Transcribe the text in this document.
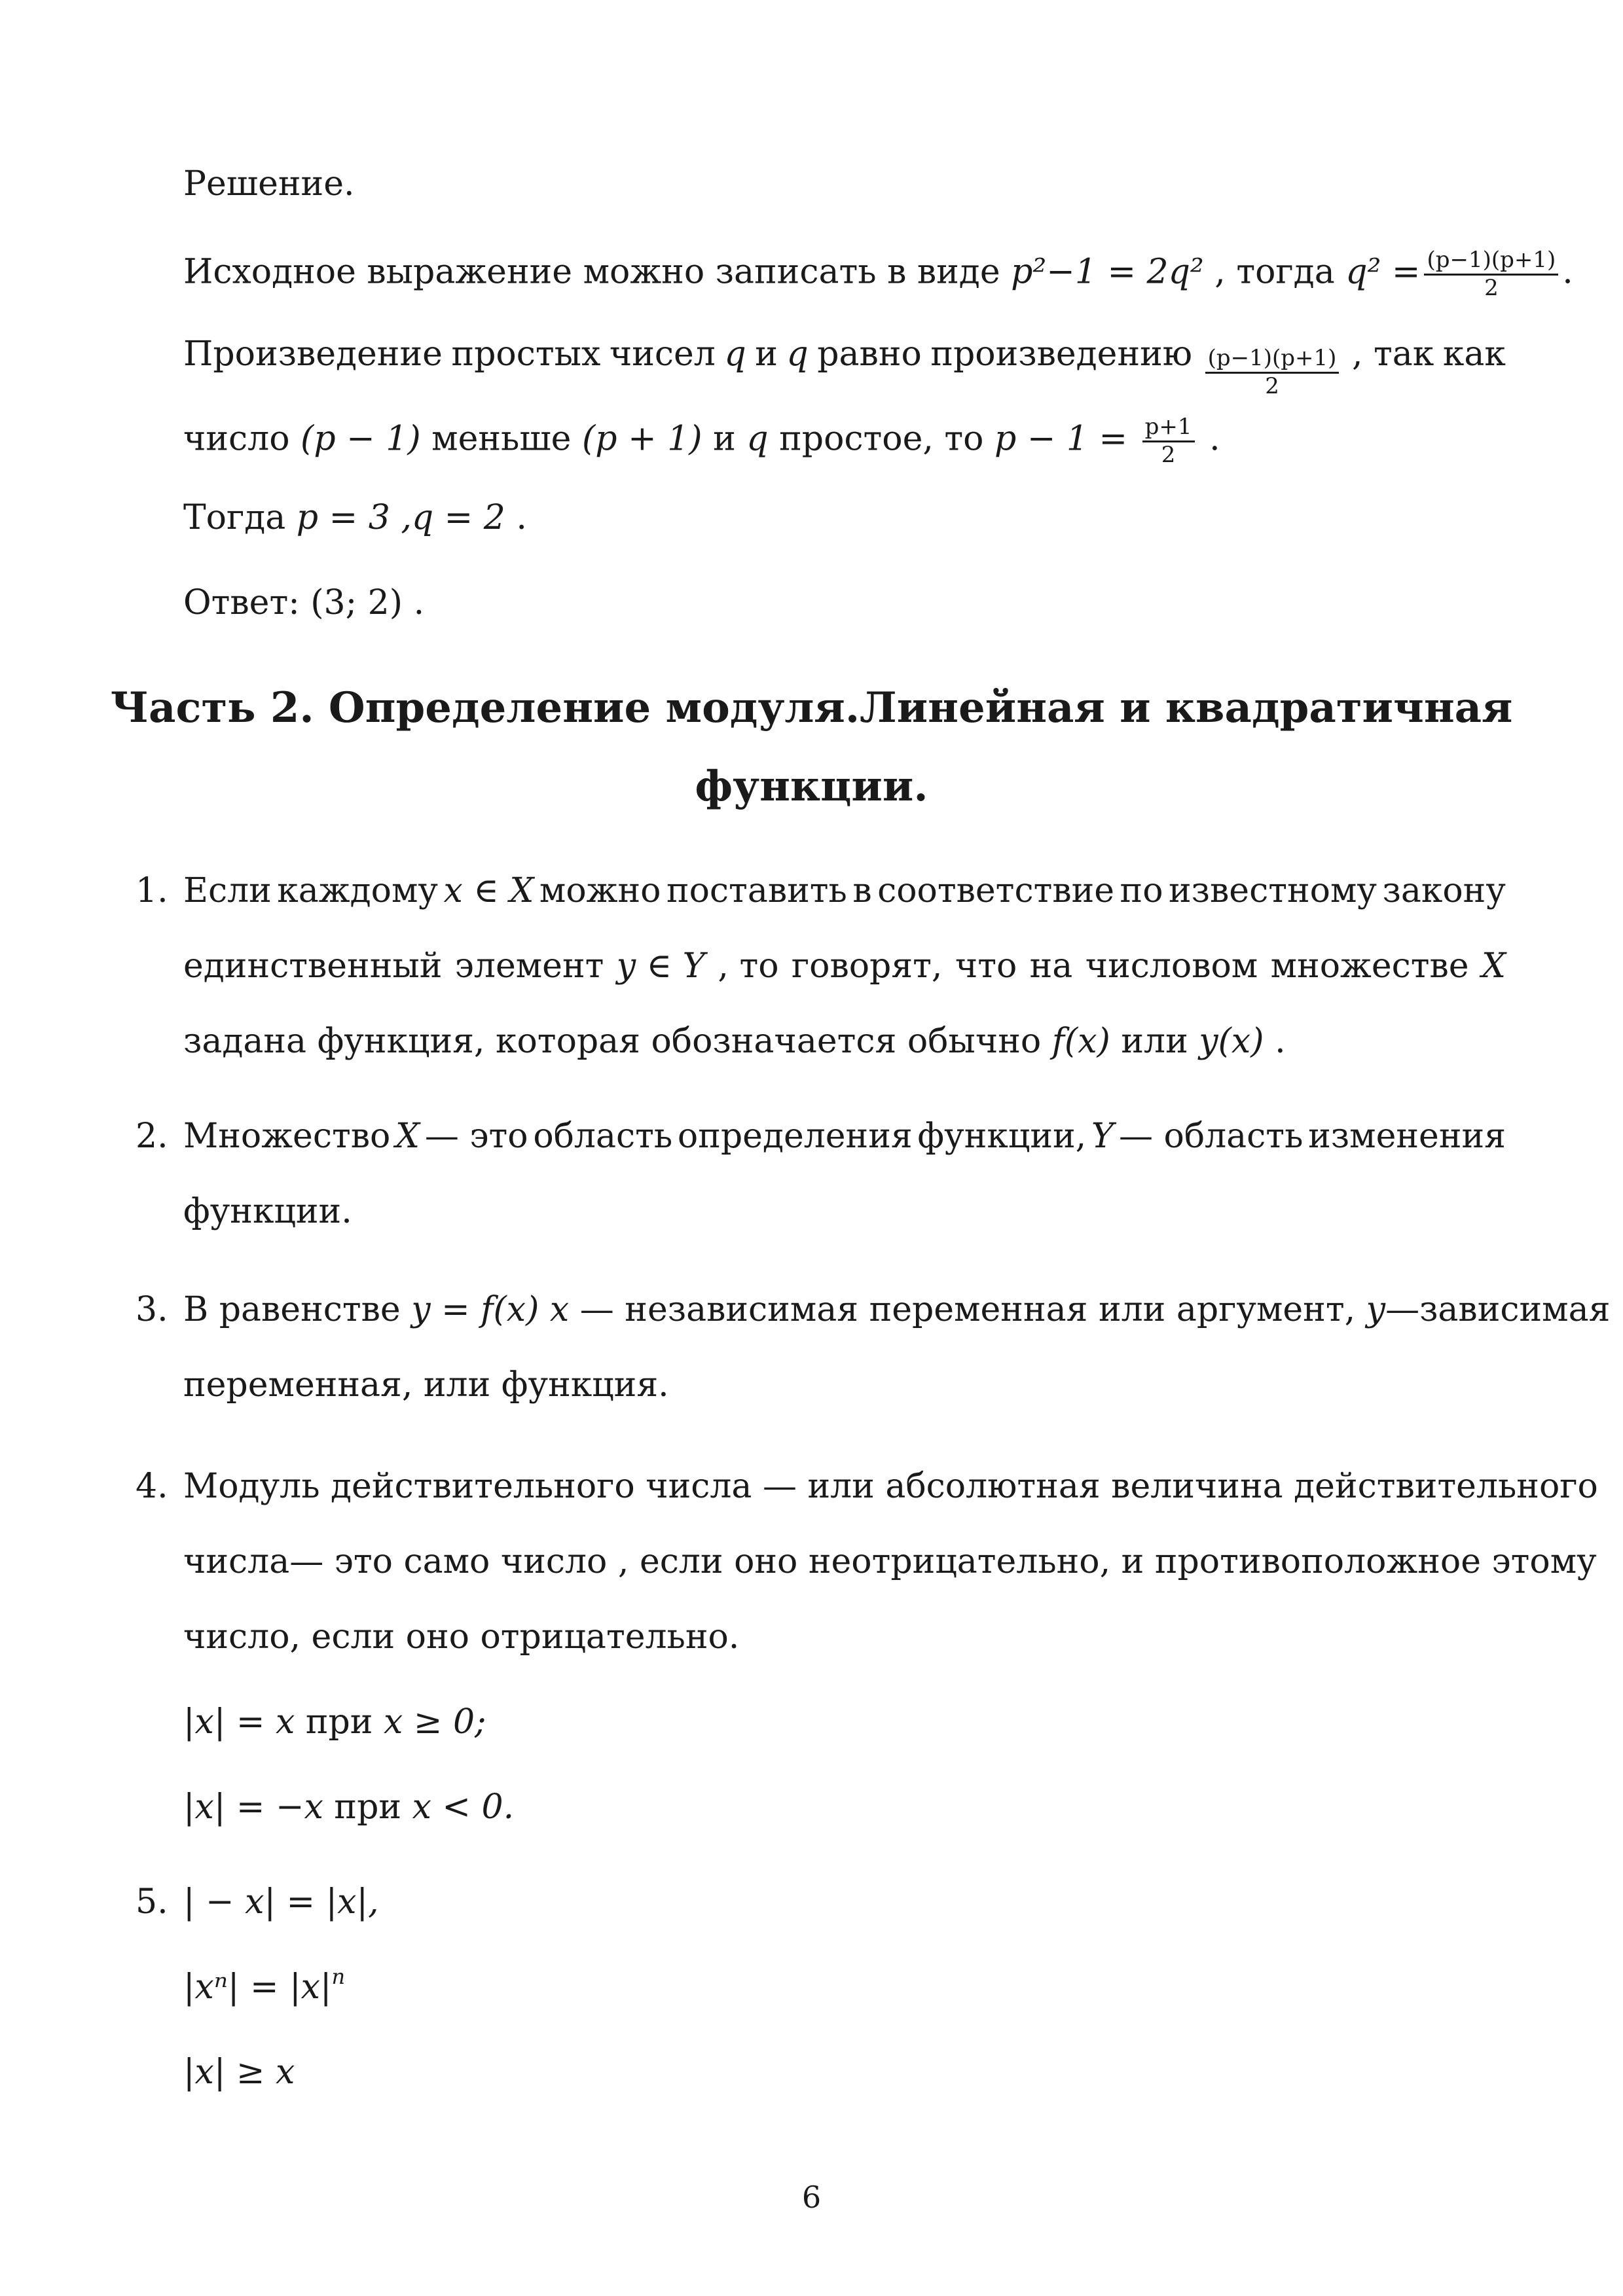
Решение.
Исходное выражение можно записать в виде p²−1 = 2q² , тогда $q^2 = \frac{(p-1)(p+1)}{2}$ .
Произведение простых чисел q и q равно произведению $\frac{(p-1)(p+1)}{2}$ , так как
число (p − 1) меньше (p + 1) и q простое, то $p - 1 = \frac{p+1}{2}$ .
Тогда p = 3 ,q = 2 .
Ответ: (3; 2) .
Часть 2. Определение модуля.Линейная и квадратичная
функции.
1. Если каждому x ∈ X можно поставить в соответствие по известному закону
единственный элемент y ∈ Y , то говорят, что на числовом множестве X
задана функция, которая обозначается обычно f(x) или y(x) .
2. Множество X — это область определения функции, Y — область изменения
функции.
3. В равенстве y = f(x) x — независимая переменная или аргумент, y—зависимая
переменная, или функция.
4. Модуль действительного числа — или абсолютная величина действительного
числа— это само число , если оно неотрицательно, и противоположное этому
число, если оно отрицательно.
|x| = x при x ≥ 0;
|x| = −x при x < 0.
5. | − x| = |x|,
$|x^n| = |x|^n$
|x| ≥ x
6
